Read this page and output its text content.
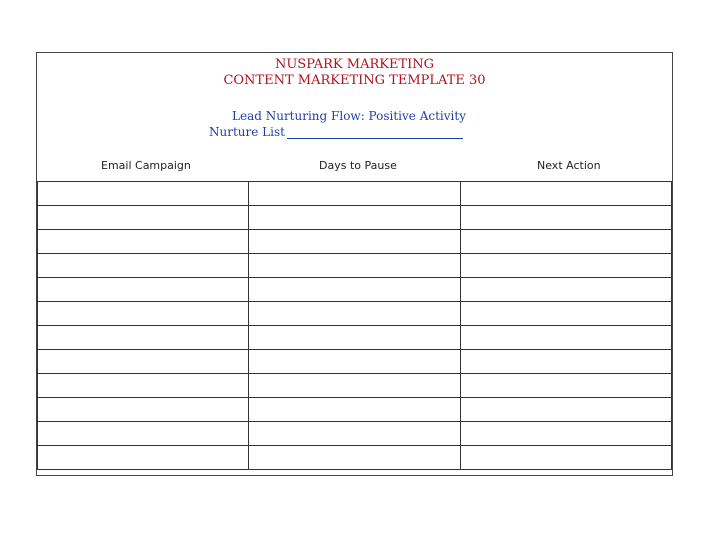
NUSPARK MARKETING
CONTENT MARKETING TEMPLATE 30
Lead Nurturing Flow: Positive Activity
Nurture List
Email Campaign	Days to Pause	Next Action
